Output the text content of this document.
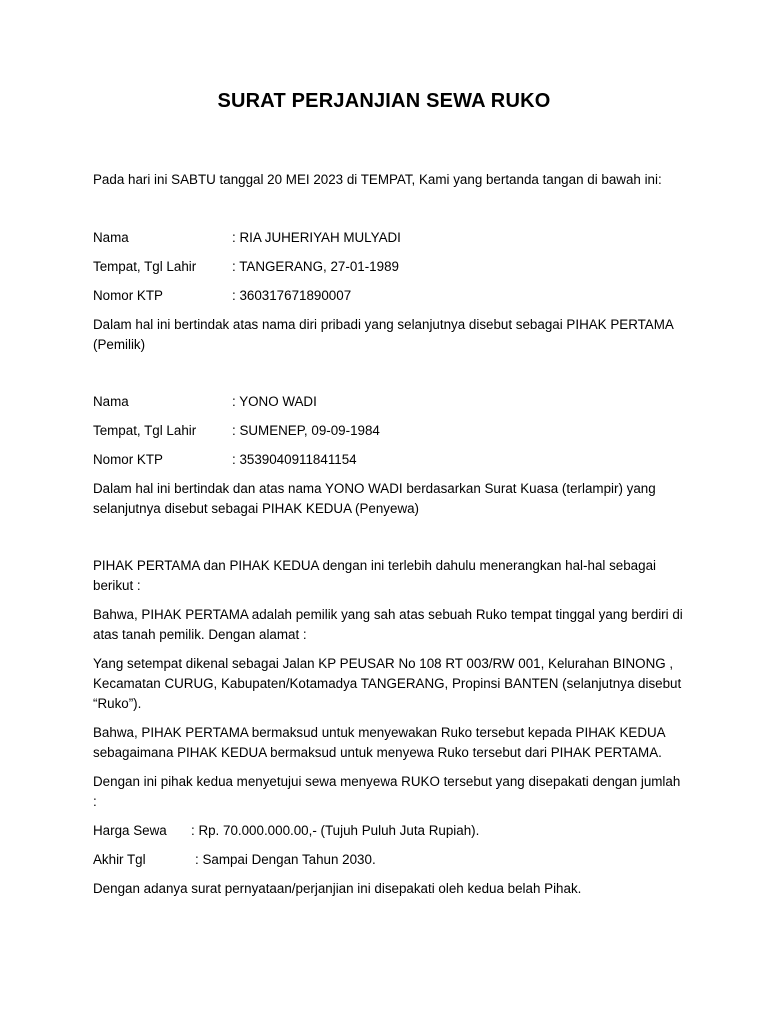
SURAT PERJANJIAN SEWA RUKO

Pada hari ini SABTU tanggal 20 MEI 2023 di TEMPAT, Kami yang bertanda tangan di bawah ini:

Nama	: RIA JUHERIYAH MULYADI
Tempat, Tgl Lahir	: TANGERANG, 27-01-1989
Nomor KTP	: 360317671890007

Dalam hal ini bertindak atas nama diri pribadi yang selanjutnya disebut sebagai PIHAK PERTAMA (Pemilik)

Nama	: YONO WADI
Tempat, Tgl Lahir	: SUMENEP, 09-09-1984
Nomor KTP	: 3539040911841154

Dalam hal ini bertindak dan atas nama YONO WADI berdasarkan Surat Kuasa (terlampir) yang selanjutnya disebut sebagai PIHAK KEDUA (Penyewa)

PIHAK PERTAMA dan PIHAK KEDUA dengan ini terlebih dahulu menerangkan hal-hal sebagai berikut :

Bahwa, PIHAK PERTAMA adalah pemilik yang sah atas sebuah Ruko tempat tinggal yang berdiri di atas tanah pemilik. Dengan alamat :

Yang setempat dikenal sebagai Jalan KP PEUSAR No 108 RT 003/RW 001, Kelurahan BINONG , Kecamatan CURUG, Kabupaten/Kotamadya TANGERANG, Propinsi BANTEN (selanjutnya disebut “Ruko”).

Bahwa, PIHAK PERTAMA bermaksud untuk menyewakan Ruko tersebut kepada PIHAK KEDUA sebagaimana PIHAK KEDUA bermaksud untuk menyewa Ruko tersebut dari PIHAK PERTAMA.

Dengan ini pihak kedua menyetujui sewa menyewa RUKO tersebut yang disepakati dengan jumlah :

Harga Sewa : Rp. 70.000.000.00,- (Tujuh Puluh Juta Rupiah).
Akhir Tgl	: Sampai Dengan Tahun 2030.

Dengan adanya surat pernyataan/perjanjian ini disepakati oleh kedua belah Pihak.
